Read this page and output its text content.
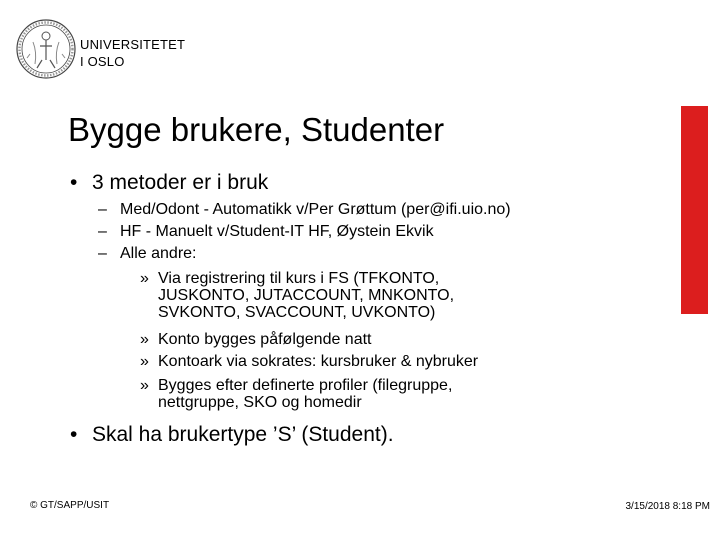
UNIVERSITETET
I OSLO
Bygge brukere, Studenter
• 3 metoder er i bruk
– Med/Odont - Automatikk v/Per Grøttum (per@ifi.uio.no)
– HF - Manuelt v/Student-IT HF, Øystein Ekvik
– Alle andre:
» Via registrering til kurs i FS (TFKONTO, JUSKONTO, JUTACCOUNT, MNKONTO, SVKONTO, SVACCOUNT, UVKONTO)
» Konto bygges påfølgende natt
» Kontoark via sokrates: kursbruker & nybruker
» Bygges efter definerte profiler (filegruppe, nettgruppe, SKO og homedir
• Skal ha brukertype ’S’ (Student).
© GT/SAPP/USIT	3/15/2018 8:18 PM
